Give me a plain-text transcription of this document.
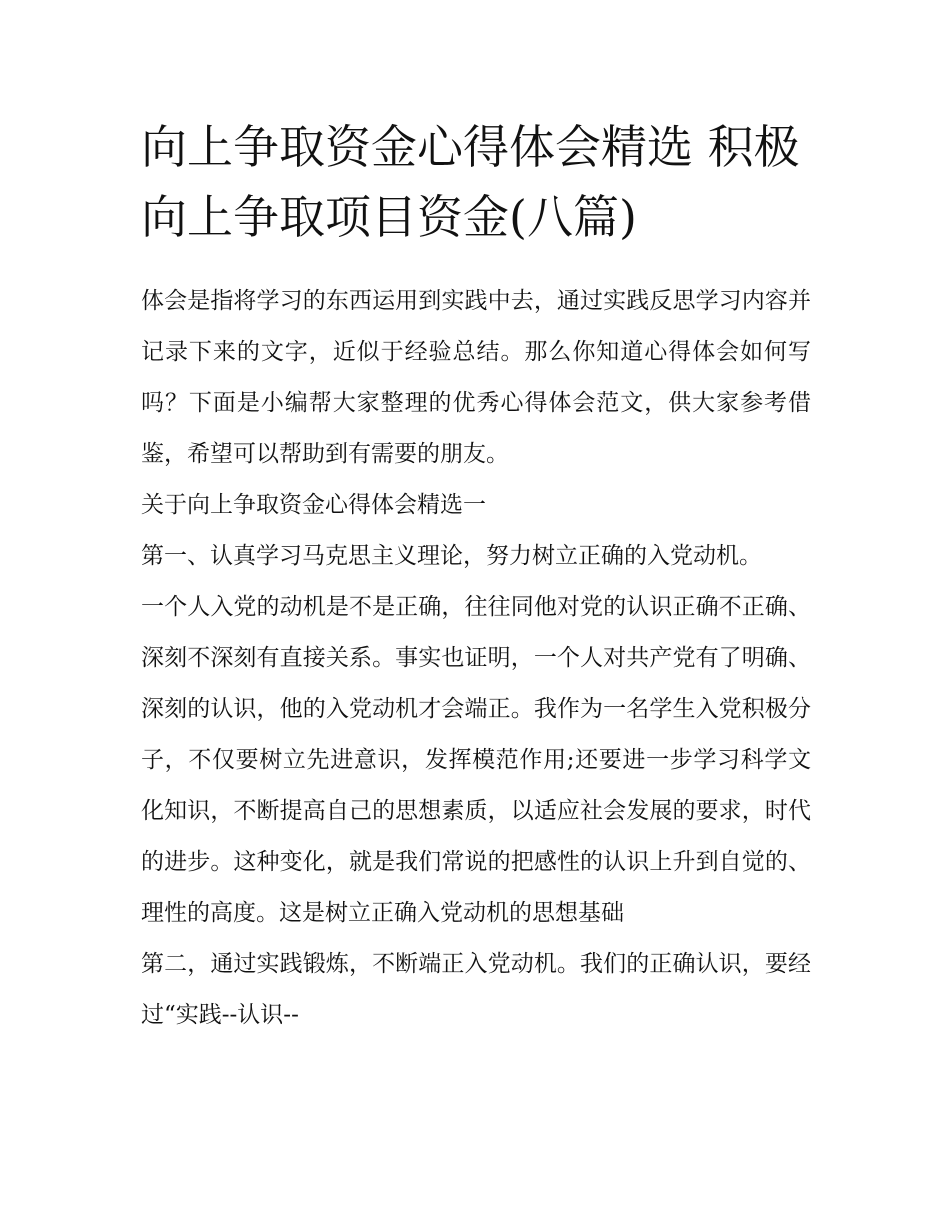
向上争取资金心得体会精选 积极向上争取项目资金(八篇)

体会是指将学习的东西运用到实践中去，通过实践反思学习内容并记录下来的文字，近似于经验总结。那么你知道心得体会如何写吗？下面是小编帮大家整理的优秀心得体会范文，供大家参考借鉴，希望可以帮助到有需要的朋友。

关于向上争取资金心得体会精选一

第一、认真学习马克思主义理论，努力树立正确的入党动机。

一个人入党的动机是不是正确，往往同他对党的认识正确不正确、深刻不深刻有直接关系。事实也证明，一个人对共产党有了明确、深刻的认识，他的入党动机才会端正。我作为一名学生入党积极分子，不仅要树立先进意识，发挥模范作用;还要进一步学习科学文化知识，不断提高自己的思想素质，以适应社会发展的要求，时代的进步。这种变化，就是我们常说的把感性的认识上升到自觉的、理性的高度。这是树立正确入党动机的思想基础

第二，通过实践锻炼，不断端正入党动机。我们的正确认识，要经过“实践--认识--
